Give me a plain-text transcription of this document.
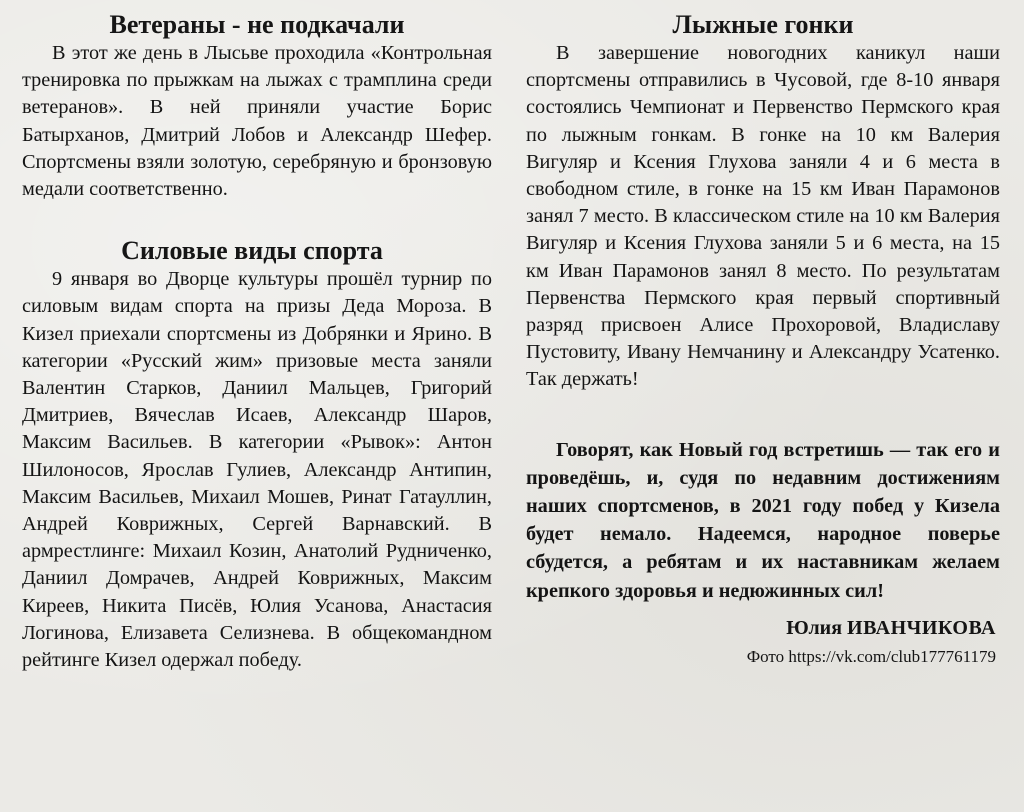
Ветераны - не подкачали

В этот же день в Лысьве проходила «Контрольная тренировка по прыжкам на лыжах с трамплина среди ветеранов». В ней приняли участие Борис Батырханов, Дмитрий Лобов и Александр Шефер. Спортсмены взяли золотую, серебряную и бронзовую медали соответственно.

Силовые виды спорта

9 января во Дворце культуры прошёл турнир по силовым видам спорта на призы Деда Мороза. В Кизел приехали спортсмены из Добрянки и Ярино. В категории «Русский жим» призовые места заняли Валентин Старков, Даниил Мальцев, Григорий Дмитриев, Вячеслав Исаев, Александр Шаров, Максим Васильев. В категории «Рывок»: Антон Шилоносов, Ярослав Гулиев, Александр Антипин, Максим Васильев, Михаил Мошев, Ринат Гатауллин, Андрей Коврижных, Сергей Варнавский. В армрестлинге: Михаил Козин, Анатолий Рудниченко, Даниил Домрачев, Андрей Коврижных, Максим Киреев, Никита Писёв, Юлия Усанова, Анастасия Логинова, Елизавета Селизнева. В общекомандном рейтинге Кизел одержал победу.

Лыжные гонки

В завершение новогодних каникул наши спортсмены отправились в Чусовой, где 8-10 января состоялись Чемпионат и Первенство Пермского края по лыжным гонкам. В гонке на 10 км Валерия Вигуляр и Ксения Глухова заняли 4 и 6 места в свободном стиле, в гонке на 15 км Иван Парамонов занял 7 место. В классическом стиле на 10 км Валерия Вигуляр и Ксения Глухова заняли 5 и 6 места, на 15 км Иван Парамонов занял 8 место. По результатам Первенства Пермского края первый спортивный разряд присвоен Алисе Прохоровой, Владиславу Пустовиту, Ивану Немчанину и Александру Усатенко. Так держать!

Говорят, как Новый год встретишь — так его и проведёшь, и, судя по недавним достижениям наших спортсменов, в 2021 году побед у Кизела будет немало. Надеемся, народное поверье сбудется, а ребятам и их наставникам желаем крепкого здоровья и недюжинных сил!

Юлия ИВАНЧИКОВА
Фото https://vk.com/club177761179
